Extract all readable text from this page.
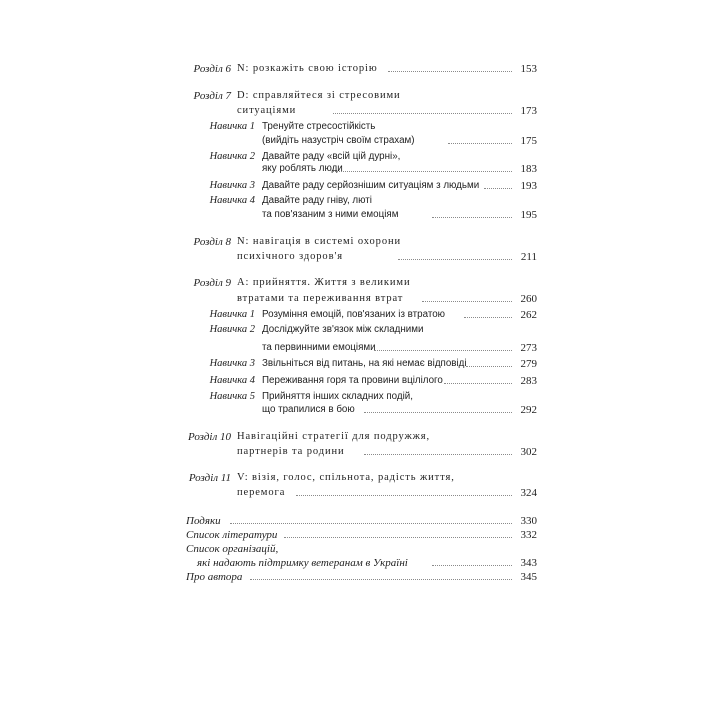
Розділ 6 N: розкажіть свою історію	153
Розділ 7 D: справляйтеся зі стресовими
ситуаціями	173
Навичка 1 Тренуйте стресостійкість
(вийдіть назустріч своїм страхам)	175
Навичка 2 Давайте раду «всій цій дурні»,
яку роблять люди	183
Навичка 3 Давайте раду серйознішим ситуаціям з людьми	193
Навичка 4 Давайте раду гніву, люті
та пов'язаним з ними емоціям	195
Розділ 8 N: навігація в системі охорони
психічного здоров'я	211
Розділ 9 A: прийняття. Життя з великими
втратами та переживання втрат	260
Навичка 1 Розуміння емоцій, пов'язаних із втратою	262
Навичка 2 Досліджуйте зв'язок між складними
та первинними емоціями	273
Навичка 3 Звільніться від питань, на які немає відповіді	279
Навичка 4 Переживання горя та провини вцілілого	283
Навичка 5 Прийняття інших складних подій,
що трапилися в бою	292
Розділ 10 Навігаційні стратегії для подружжя,
партнерів та родини	302
Розділ 11 V: візія, голос, спільнота, радість життя,
перемога	324
Подяки	330
Список літератури	332
Список організацій,
які надають підтримку ветеранам в Україні	343
Про автора	345
